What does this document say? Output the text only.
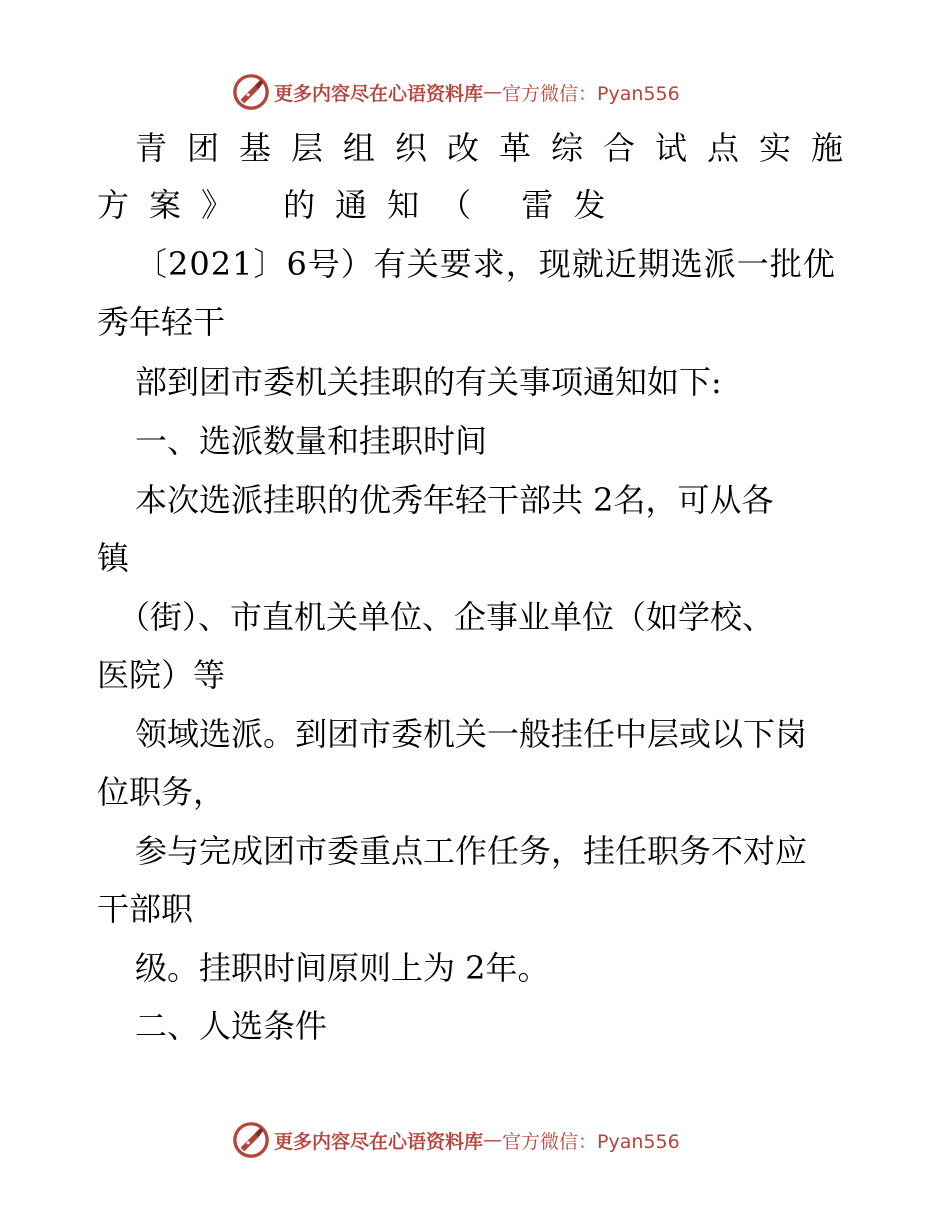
更多内容尽在心语资料库 — 官方微信：Pyan556
青团基层组织改革综合试点实施
方案》 的通知（ 雷发
〔2021〕6号）有关要求，现就近期选派一批优
秀年轻干
部到团市委机关挂职的有关事项通知如下:
一、选派数量和挂职时间
本次选派挂职的优秀年轻干部共 2名，可从各
镇
（街）、市直机关单位、企事业单位（如学校、
医院）等
领域选派。到团市委机关一般挂任中层或以下岗
位职务，
参与完成团市委重点工作任务，挂任职务不对应
干部职
级。挂职时间原则上为 2年。
二、人选条件
更多内容尽在心语资料库 — 官方微信：Pyan556
